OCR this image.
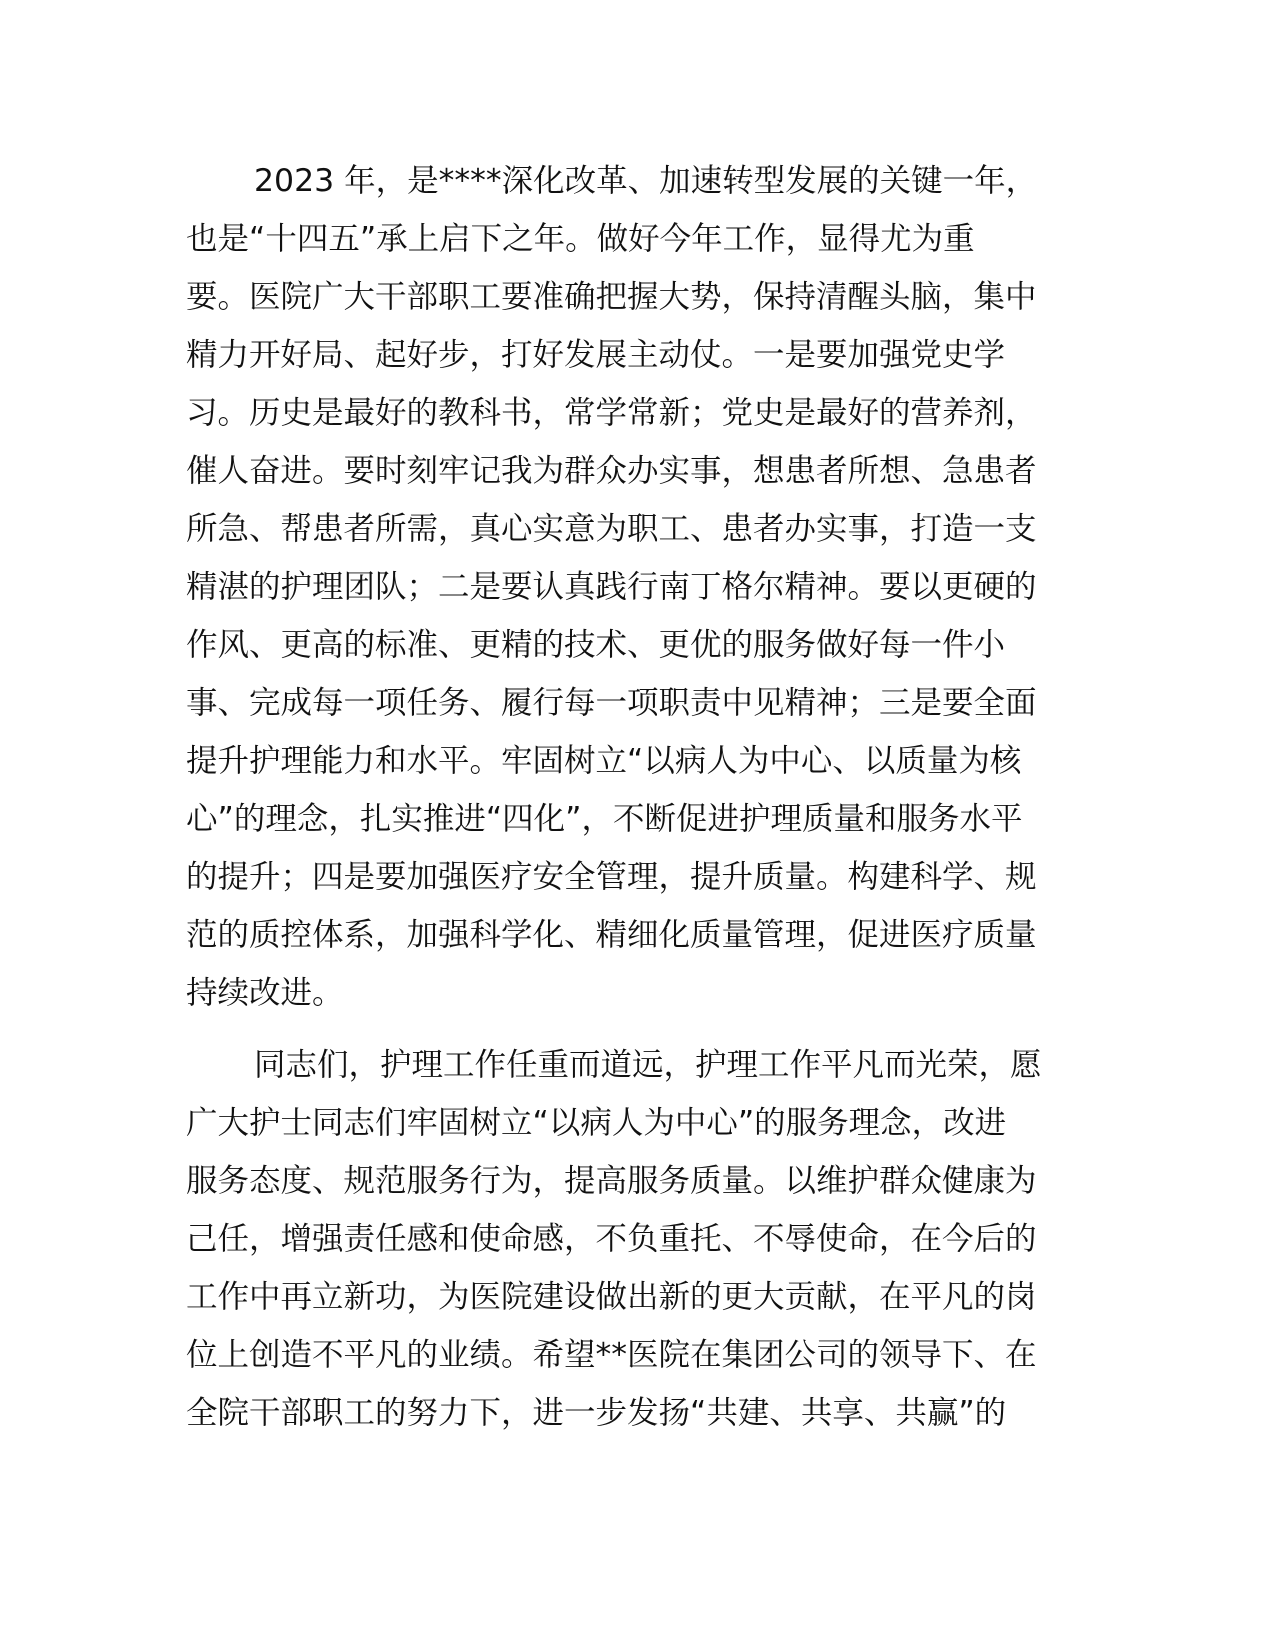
2023 年，是****深化改革、加速转型发展的关键一年，
也是“十四五”承上启下之年。做好今年工作，显得尤为重
要。医院广大干部职工要准确把握大势，保持清醒头脑，集中
精力开好局、起好步，打好发展主动仗。一是要加强党史学
习。历史是最好的教科书，常学常新；党史是最好的营养剂，
催人奋进。要时刻牢记我为群众办实事，想患者所想、急患者
所急、帮患者所需，真心实意为职工、患者办实事，打造一支
精湛的护理团队；二是要认真践行南丁格尔精神。要以更硬的
作风、更高的标准、更精的技术、更优的服务做好每一件小
事、完成每一项任务、履行每一项职责中见精神；三是要全面
提升护理能力和水平。牢固树立“以病人为中心、以质量为核
心”的理念，扎实推进“四化”，不断促进护理质量和服务水平
的提升；四是要加强医疗安全管理，提升质量。构建科学、规
范的质控体系，加强科学化、精细化质量管理，促进医疗质量
持续改进。
同志们，护理工作任重而道远，护理工作平凡而光荣，愿
广大护士同志们牢固树立“以病人为中心”的服务理念，改进
服务态度、规范服务行为，提高服务质量。以维护群众健康为
己任，增强责任感和使命感，不负重托、不辱使命，在今后的
工作中再立新功，为医院建设做出新的更大贡献，在平凡的岗
位上创造不平凡的业绩。希望**医院在集团公司的领导下、在
全院干部职工的努力下，进一步发扬“共建、共享、共赢”的
